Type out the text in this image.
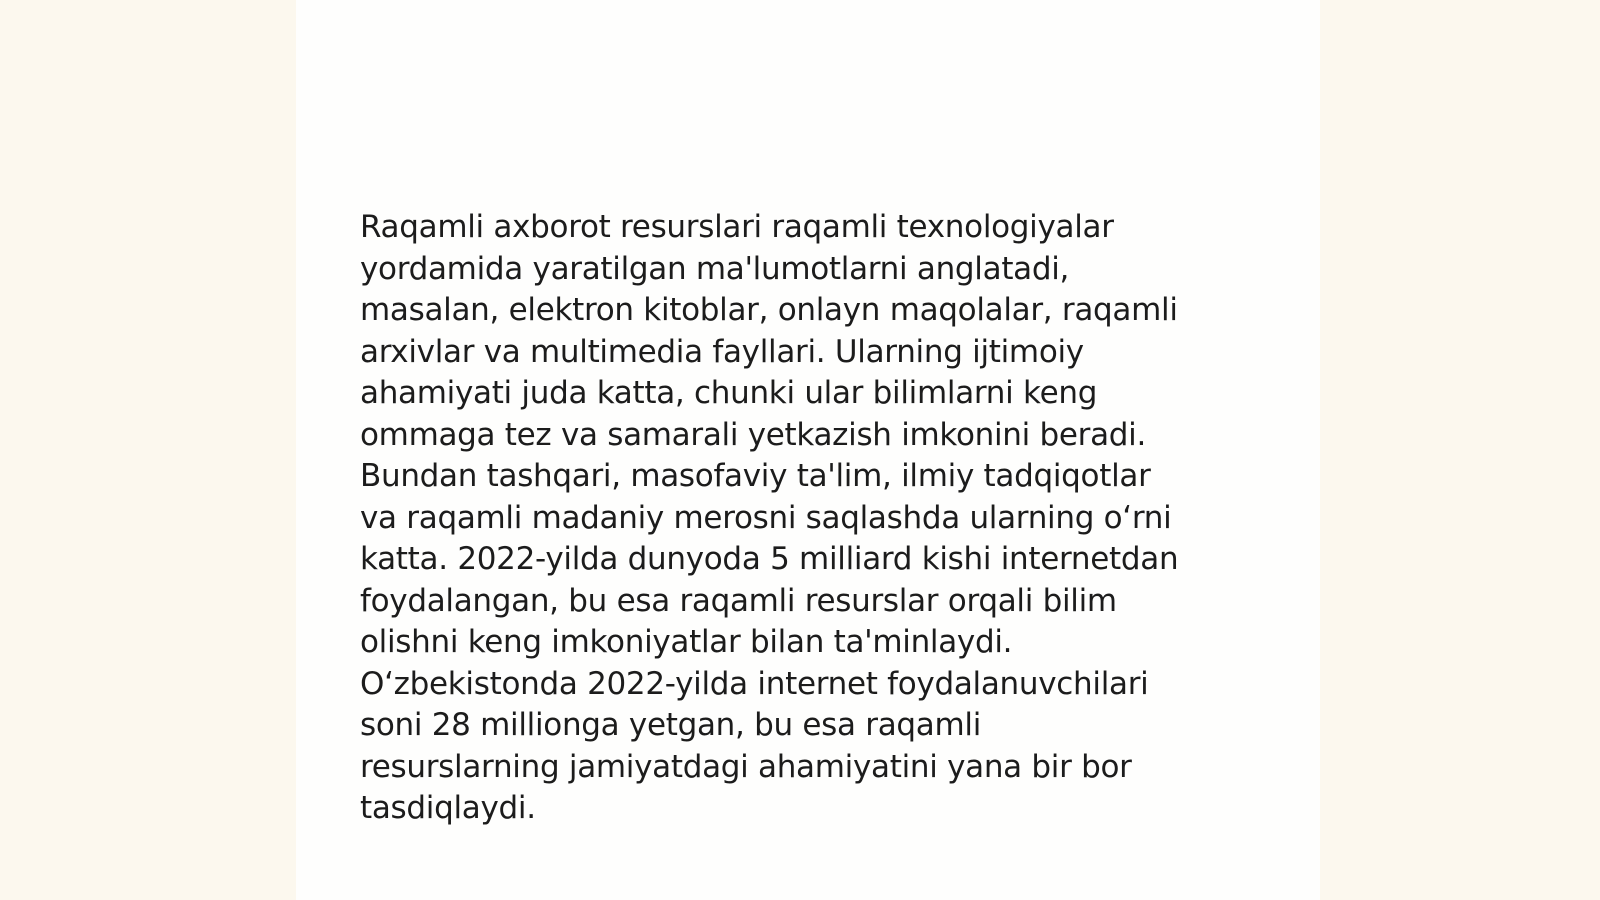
Raqamli axborot resurslari raqamli texnologiyalar
yordamida yaratilgan ma'lumotlarni anglatadi,
masalan, elektron kitoblar, onlayn maqolalar, raqamli
arxivlar va multimedia fayllari. Ularning ijtimoiy
ahamiyati juda katta, chunki ular bilimlarni keng
ommaga tez va samarali yetkazish imkonini beradi.
Bundan tashqari, masofaviy ta'lim, ilmiy tadqiqotlar
va raqamli madaniy merosni saqlashda ularning o‘rni
katta. 2022-yilda dunyoda 5 milliard kishi internetdan
foydalangan, bu esa raqamli resurslar orqali bilim
olishni keng imkoniyatlar bilan ta'minlaydi.
O‘zbekistonda 2022-yilda internet foydalanuvchilari
soni 28 millionga yetgan, bu esa raqamli
resurslarning jamiyatdagi ahamiyatini yana bir bor
tasdiqlaydi.
